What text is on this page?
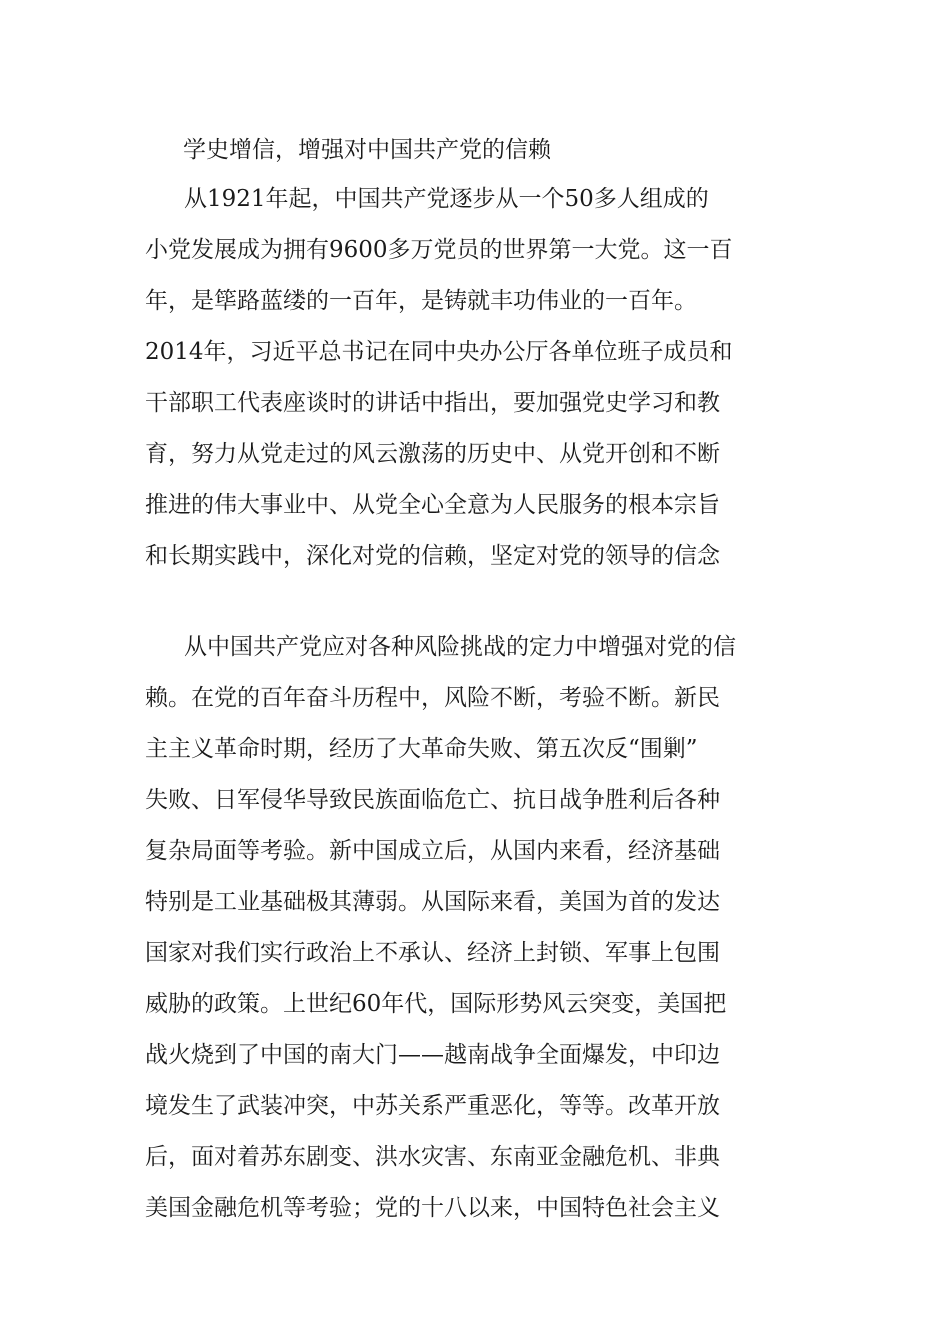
学史增信，增强对中国共产党的信赖
从1921年起，中国共产党逐步从一个50多人组成的
小党发展成为拥有9600多万党员的世界第一大党。这一百
年，是筚路蓝缕的一百年，是铸就丰功伟业的一百年。
2014年，习近平总书记在同中央办公厅各单位班子成员和
干部职工代表座谈时的讲话中指出，要加强党史学习和教
育，努力从党走过的风云激荡的历史中、从党开创和不断
推进的伟大事业中、从党全心全意为人民服务的根本宗旨
和长期实践中，深化对党的信赖，坚定对党的领导的信念
从中国共产党应对各种风险挑战的定力中增强对党的信
赖。在党的百年奋斗历程中，风险不断，考验不断。新民
主主义革命时期，经历了大革命失败、第五次反“围剿”
失败、日军侵华导致民族面临危亡、抗日战争胜利后各种
复杂局面等考验。新中国成立后，从国内来看，经济基础
特别是工业基础极其薄弱。从国际来看，美国为首的发达
国家对我们实行政治上不承认、经济上封锁、军事上包围
威胁的政策。上世纪60年代，国际形势风云突变，美国把
战火烧到了中国的南大门——越南战争全面爆发，中印边
境发生了武装冲突，中苏关系严重恶化，等等。改革开放
后，面对着苏东剧变、洪水灾害、东南亚金融危机、非典
美国金融危机等考验；党的十八以来，中国特色社会主义
